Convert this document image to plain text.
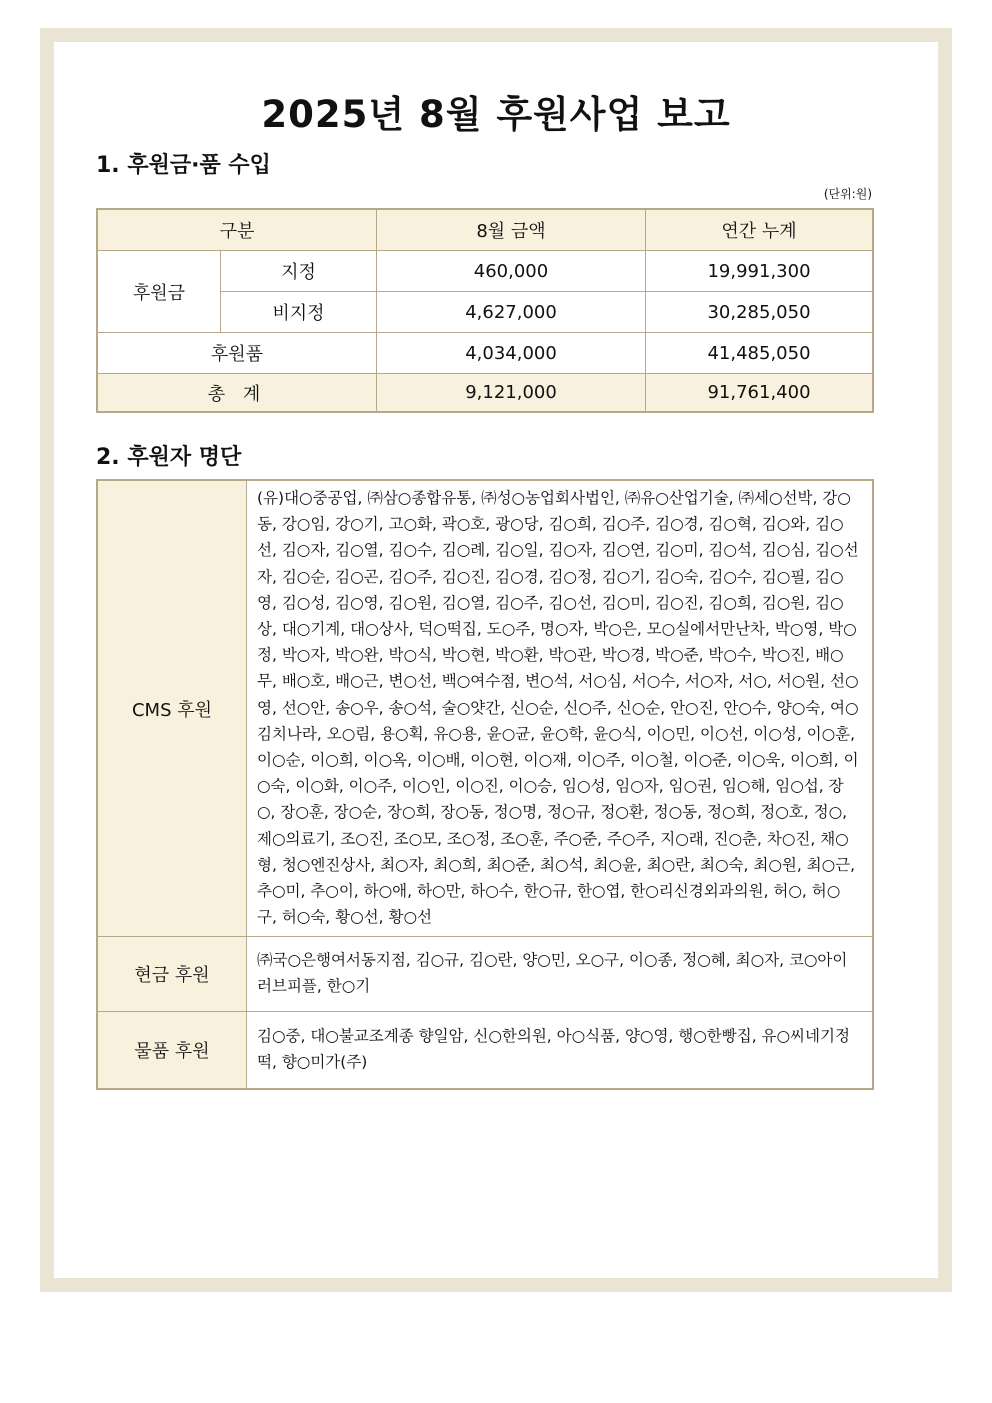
2025년 8월 후원사업 보고
1. 후원금·품 수입
(단위:원)
구분		8월 금액	연간 누계
후원금	지정	460,000	19,991,300
	비지정	4,627,000	30,285,050
후원품		4,034,000	41,485,050
총 계		9,121,000	91,761,400
2. 후원자 명단
CMS 후원	(유)대○중공업, ㈜삼○종합유통, ㈜성○농업회사법인, ㈜유○산업기술, ㈜세○선박, 강○동, 강○임, 강○기, 고○화, 곽○호, 광○당, 김○희, 김○주, 김○경, 김○혁, 김○와, 김○선, 김○자, 김○열, 김○수, 김○례, 김○일, 김○자, 김○연, 김○미, 김○석, 김○심, 김○선자, 김○순, 김○곤, 김○주, 김○진, 김○경, 김○정, 김○기, 김○숙, 김○수, 김○필, 김○영, 김○성, 김○영, 김○원, 김○열, 김○주, 김○선, 김○미, 김○진, 김○희, 김○원, 김○상, 대○기계, 대○상사, 덕○떡집, 도○주, 명○자, 박○은, 모○실에서만난차, 박○영, 박○정, 박○자, 박○완, 박○식, 박○현, 박○환, 박○관, 박○경, 박○준, 박○수, 박○진, 배○무, 배○호, 배○근, 변○선, 백○여수점, 변○석, 서○심, 서○수, 서○자, 서○, 서○원, 선○영, 선○안, 송○우, 송○석, 술○얏간, 신○순, 신○주, 신○순, 안○진, 안○수, 양○숙, 여○김치나라, 오○림, 용○획, 유○용, 윤○균, 윤○학, 윤○식, 이○민, 이○선, 이○성, 이○훈, 이○순, 이○희, 이○옥, 이○배, 이○현, 이○재, 이○주, 이○철, 이○준, 이○욱, 이○희, 이○숙, 이○화, 이○주, 이○인, 이○진, 이○승, 임○성, 임○자, 임○권, 임○해, 임○섭, 장○, 장○훈, 장○순, 장○희, 장○동, 정○명, 정○규, 정○환, 정○동, 정○희, 정○호, 정○, 제○의료기, 조○진, 조○모, 조○정, 조○훈, 주○준, 주○주, 지○래, 진○춘, 차○진, 채○형, 청○엔진상사, 최○자, 최○희, 최○준, 최○석, 최○윤, 최○란, 최○숙, 최○원, 최○근, 추○미, 추○이, 하○애, 하○만, 하○수, 한○규, 한○엽, 한○리신경외과의원, 허○, 허○구, 허○숙, 황○선, 황○선
현금 후원	㈜국○은행여서동지점, 김○규, 김○란, 양○민, 오○구, 이○종, 정○혜, 최○자, 코○아이러브피플, 한○기
물품 후원	김○중, 대○불교조계종 향일암, 신○한의원, 아○식품, 양○영, 행○한빵집, 유○씨네기정떡, 향○미가(주)
